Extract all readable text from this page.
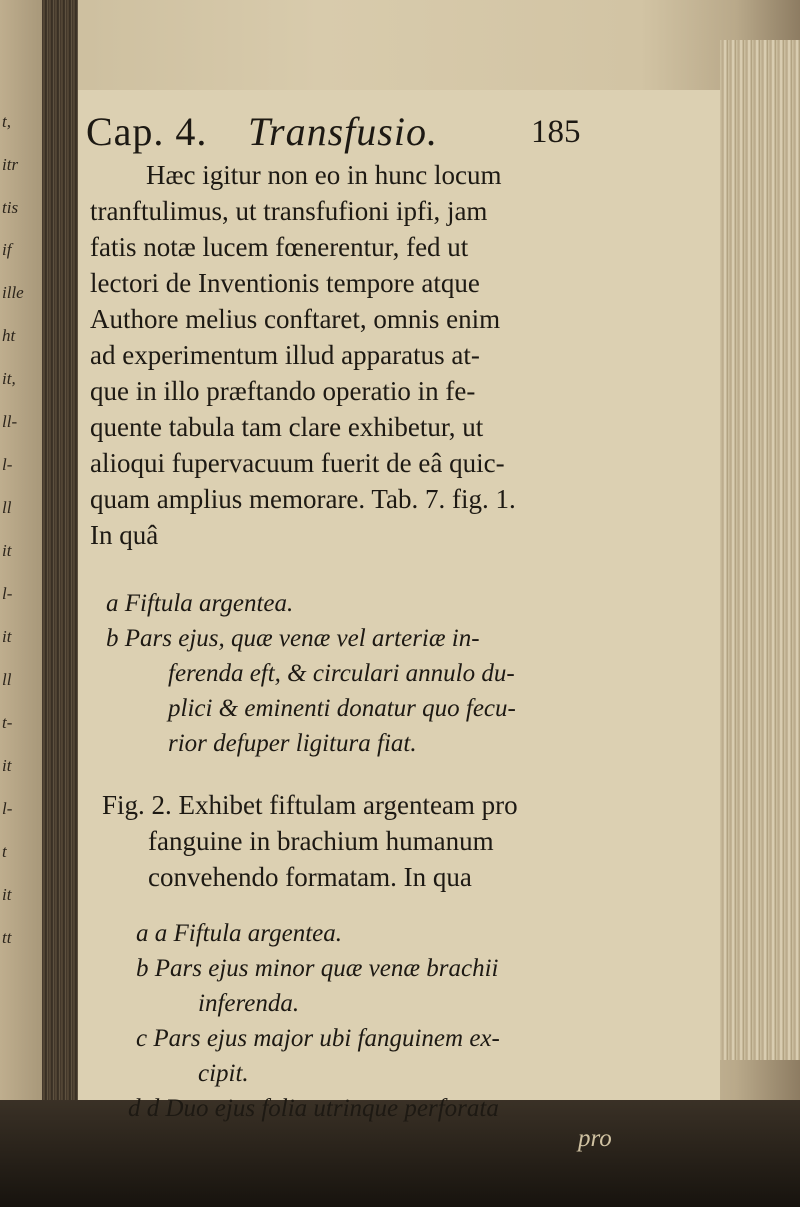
t,
itr
tis
if
ille
ht
it,
ll-
l-
ll
it
l-
it
ll
t-
it
l-
t
it
tt
Cap. 4. Transfusio.	185
Hæc igitur non eo in hunc locum
tranftulimus, ut transfufioni ipfi, jam
fatis notæ lucem fœnerentur, fed ut
lectori de Inventionis tempore atque
Authore melius conftaret, omnis enim
ad experimentum illud apparatus at-
que in illo præftando operatio in fe-
quente tabula tam clare exhibetur, ut
alioqui fupervacuum fuerit de eâ quic-
quam amplius memorare. Tab. 7. fig. 1.
In quâ
a Fiftula argentea.
b Pars ejus, quæ venæ vel arteriæ in-
ferenda eft, & circulari annulo du-
plici & eminenti donatur quo fecu-
rior defuper ligitura fiat.
Fig. 2. Exhibet fiftulam argenteam pro
fanguine in brachium humanum
convehendo formatam. In qua
a a Fiftula argentea.
b Pars ejus minor quæ venæ brachii
inferenda.
c Pars ejus major ubi fanguinem ex-
cipit.
d d Duo ejus folia utrinque perforata
pro
